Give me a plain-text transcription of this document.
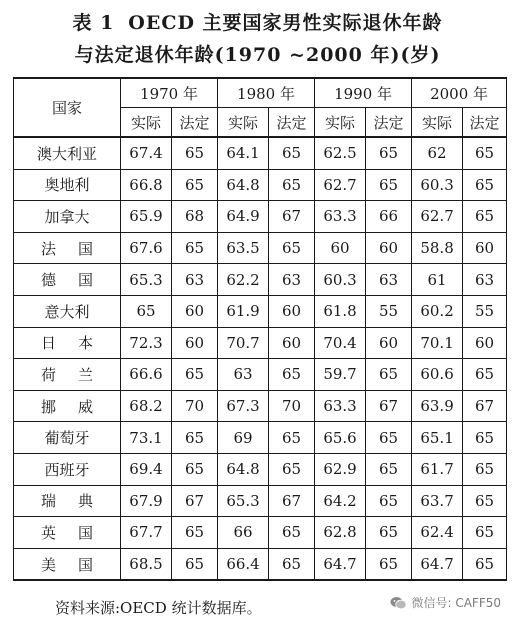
表 1 OECD 主要国家男性实际退休年龄
与法定退休年龄(1970 ~2000 年)(岁)
国家	1970 年		1980 年		1990 年		2000 年	
	实际	法定	实际	法定	实际	法定	实际	法定
澳大利亚	67.4	65	64.1	65	62.5	65	62	65
奥地利	66.8	65	64.8	65	62.7	65	60.3	65
加拿大	65.9	68	64.9	67	63.3	66	62.7	65
法国	67.6	65	63.5	65	60	60	58.8	60
德国	65.3	63	62.2	63	60.3	63	61	63
意大利	65	60	61.9	60	61.8	55	60.2	55
日本	72.3	60	70.7	60	70.4	60	70.1	60
荷兰	66.6	65	63	65	59.7	65	60.6	65
挪威	68.2	70	67.3	70	63.3	67	63.9	67
葡萄牙	73.1	65	69	65	65.6	65	65.1	65
西班牙	69.4	65	64.8	65	62.9	65	61.7	65
瑞典	67.9	67	65.3	67	64.2	65	63.7	65
英国	67.7	65	66	65	62.8	65	62.4	65
美国	68.5	65	66.4	65	64.7	65	64.7	65
资料来源:OECD 统计数据库。	微信号: CAFF50
